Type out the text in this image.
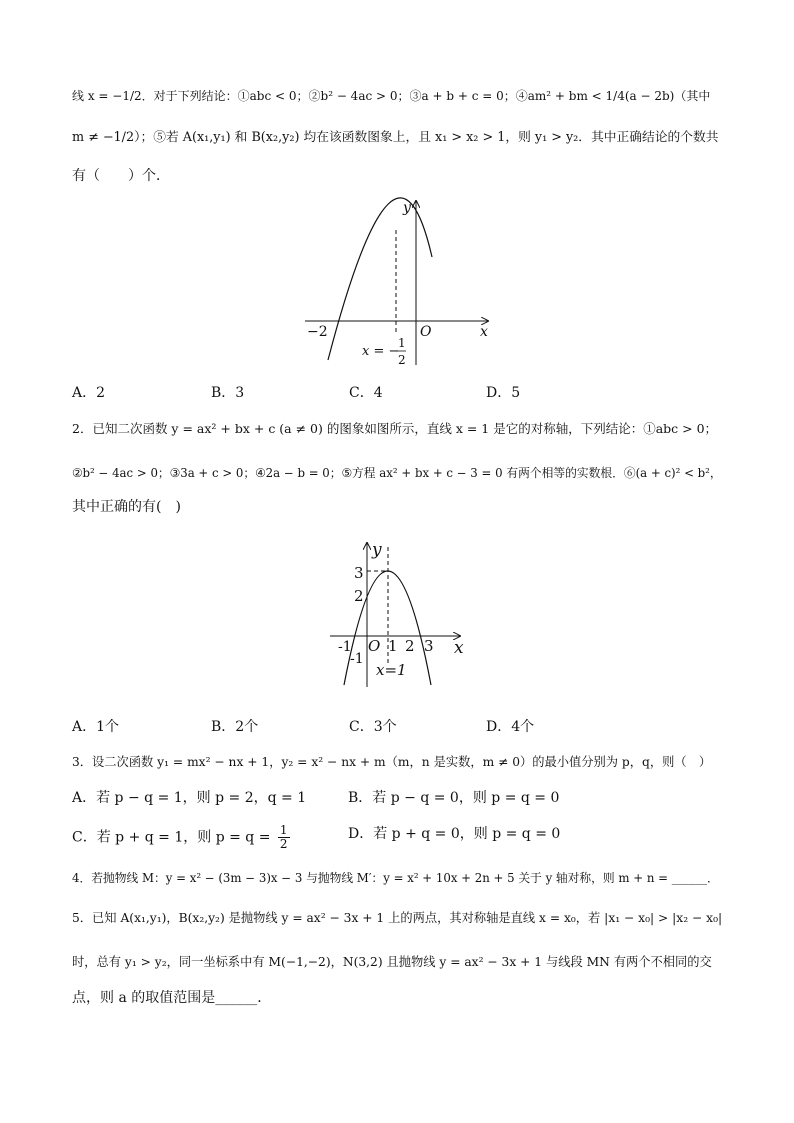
线 x = −1/2．对于下列结论：①abc < 0；②b² − 4ac > 0；③a + b + c = 0；④am² + bm < 1/4(a − 2b)（其中
m ≠ −1/2）；⑤若 A(x₁,y₁) 和 B(x₂,y₂) 均在该函数图象上，且 x₁ > x₂ > 1，则 y₁ > y₂．其中正确结论的个数共
有（　　）个．
y
x
O
−2
x = −
1
2
A．2	B．3	C．4	D．5
2．已知二次函数 y = ax² + bx + c (a ≠ 0) 的图象如图所示，直线 x = 1 是它的对称轴，下列结论：①abc > 0；
②b² − 4ac > 0；③3a + c > 0；④2a − b = 0；⑤方程 ax² + bx + c − 3 = 0 有两个相等的实数根．⑥(a + c)² < b²，
其中正确的有(　)
y
x
3
2
-1 O 1 2 3
-1
x=1
A．1个	B．2个	C．3个	D．4个
3．设二次函数 y₁ = mx² − nx + 1，y₂ = x² − nx + m（m，n 是实数，m ≠ 0）的最小值分别为 p，q，则（　）
A．若 p − q = 1，则 p = 2，q = 1	B．若 p − q = 0，则 p = q = 0
C．若 p + q = 1，则 $p = q = \frac{1}{2}$	D．若 p + q = 0，则 p = q = 0
4．若抛物线 M：y = x² − (3m − 3)x − 3 与抛物线 M′：y = x² + 10x + 2n + 5 关于 y 轴对称，则 m + n = ______．
5．已知 A(x₁,y₁)，B(x₂,y₂) 是抛物线 y = ax² − 3x + 1 上的两点，其对称轴是直线 x = x₀，若 |x₁ − x₀| > |x₂ − x₀|
时，总有 y₁ > y₂，同一坐标系中有 M(−1,−2)，N(3,2) 且抛物线 y = ax² − 3x + 1 与线段 MN 有两个不相同的交
点，则 a 的取值范围是______．
